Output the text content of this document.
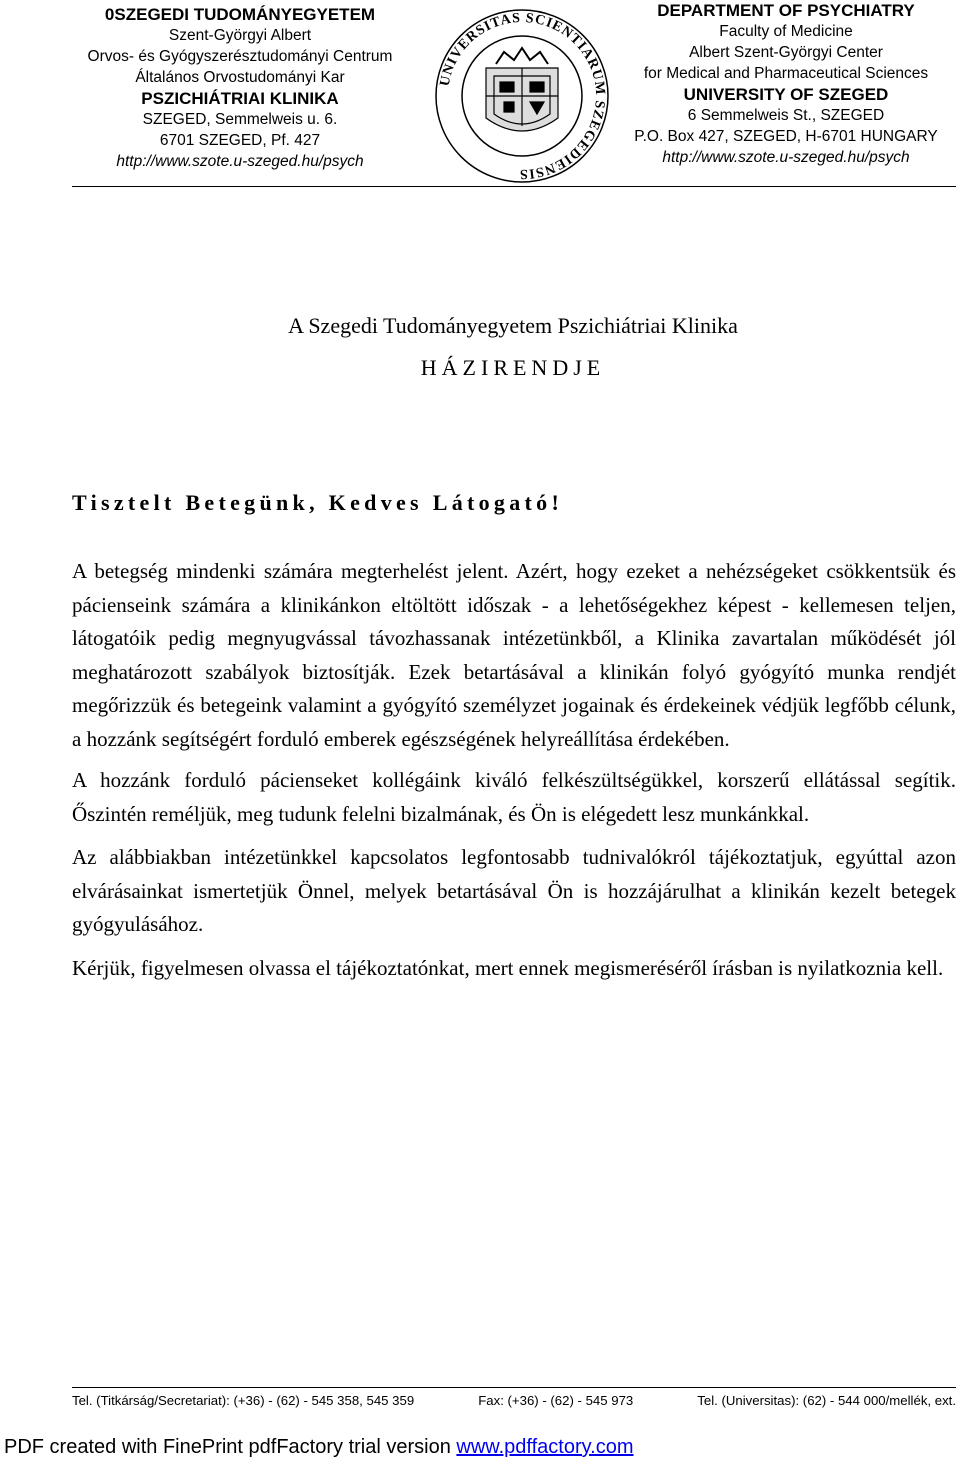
0SZEGEDI TUDOMÁNYEGYETEM
Szent-Györgyi Albert
Orvos- és Gyógyszerésztudományi Centrum
Általános Orvostudományi Kar
PSZICHIÁTRIAI KLINIKA
SZEGED, Semmelweis u. 6.
6701 SZEGED, Pf. 427
http://www.szote.u-szeged.hu/psych
UNIVERSITAS SCIENTIARUM SZEGEDIENSIS
DEPARTMENT OF PSYCHIATRY
Faculty of Medicine
Albert Szent-Györgyi Center
for Medical and Pharmaceutical Sciences
UNIVERSITY OF SZEGED
6 Semmelweis St., SZEGED
P.O. Box 427, SZEGED, H-6701 HUNGARY
http://www.szote.u-szeged.hu/psych
A Szegedi Tudományegyetem Pszichiátriai Klinika
HÁZIRENDJE
Tisztelt Betegünk, Kedves Látogató!

A betegség mindenki számára megterhelést jelent. Azért, hogy ezeket a nehézségeket csökkentsük és pácienseink számára a klinikánkon eltöltött időszak - a lehetőségekhez képest - kellemesen teljen, látogatóik pedig megnyugvással távozhassanak intézetünkből, a Klinika zavartalan működését jól meghatározott szabályok biztosítják. Ezek betartásával a klinikán folyó gyógyító munka rendjét megőrizzük és betegeink valamint a gyógyító személyzet jogainak és érdekeinek védjük legfőbb célunk, a hozzánk segítségért forduló emberek egészségének helyreállítása érdekében.

A hozzánk forduló pácienseket kollégáink kiváló felkészültségükkel, korszerű ellátással segítik. Őszintén reméljük, meg tudunk felelni bizalmának, és Ön is elégedett lesz munkánkkal.

Az alábbiakban intézetünkkel kapcsolatos legfontosabb tudnivalókról tájékoztatjuk, egyúttal azon elvárásainkat ismertetjük Önnel, melyek betartásával Ön is hozzájárulhat a klinikán kezelt betegek gyógyulásához.

Kérjük, figyelmesen olvassa el tájékoztatónkat, mert ennek megismeréséről írásban is nyilatkoznia kell.

Tel. (Titkárság/Secretariat): (+36) - (62) - 545 358, 545 359	Fax: (+36) - (62) - 545 973	Tel. (Universitas): (62) - 544 000/mellék, ext.
PDF created with FinePrint pdfFactory trial version www.pdffactory.com
